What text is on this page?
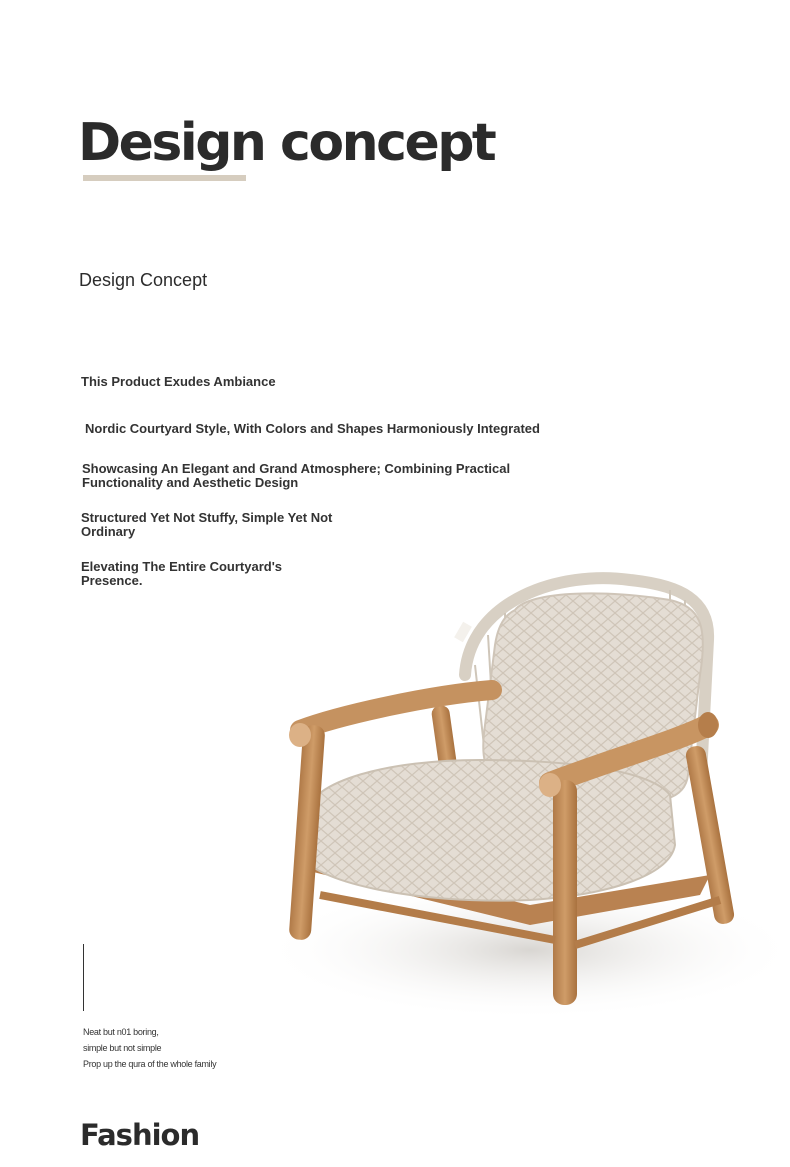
Design concept
Design Concept

This Product Exudes Ambiance

Nordic Courtyard Style, With Colors and Shapes Harmoniously Integrated

Showcasing An Elegant and Grand Atmosphere; Combining Practical Functionality and Aesthetic Design

Structured Yet Not Stuffy, Simple Yet Not Ordinary

Elevating The Entire Courtyard's Presence.

Neat but n01 boring,
simple but not simple
Prop up the qura of the whole family
Fashion
